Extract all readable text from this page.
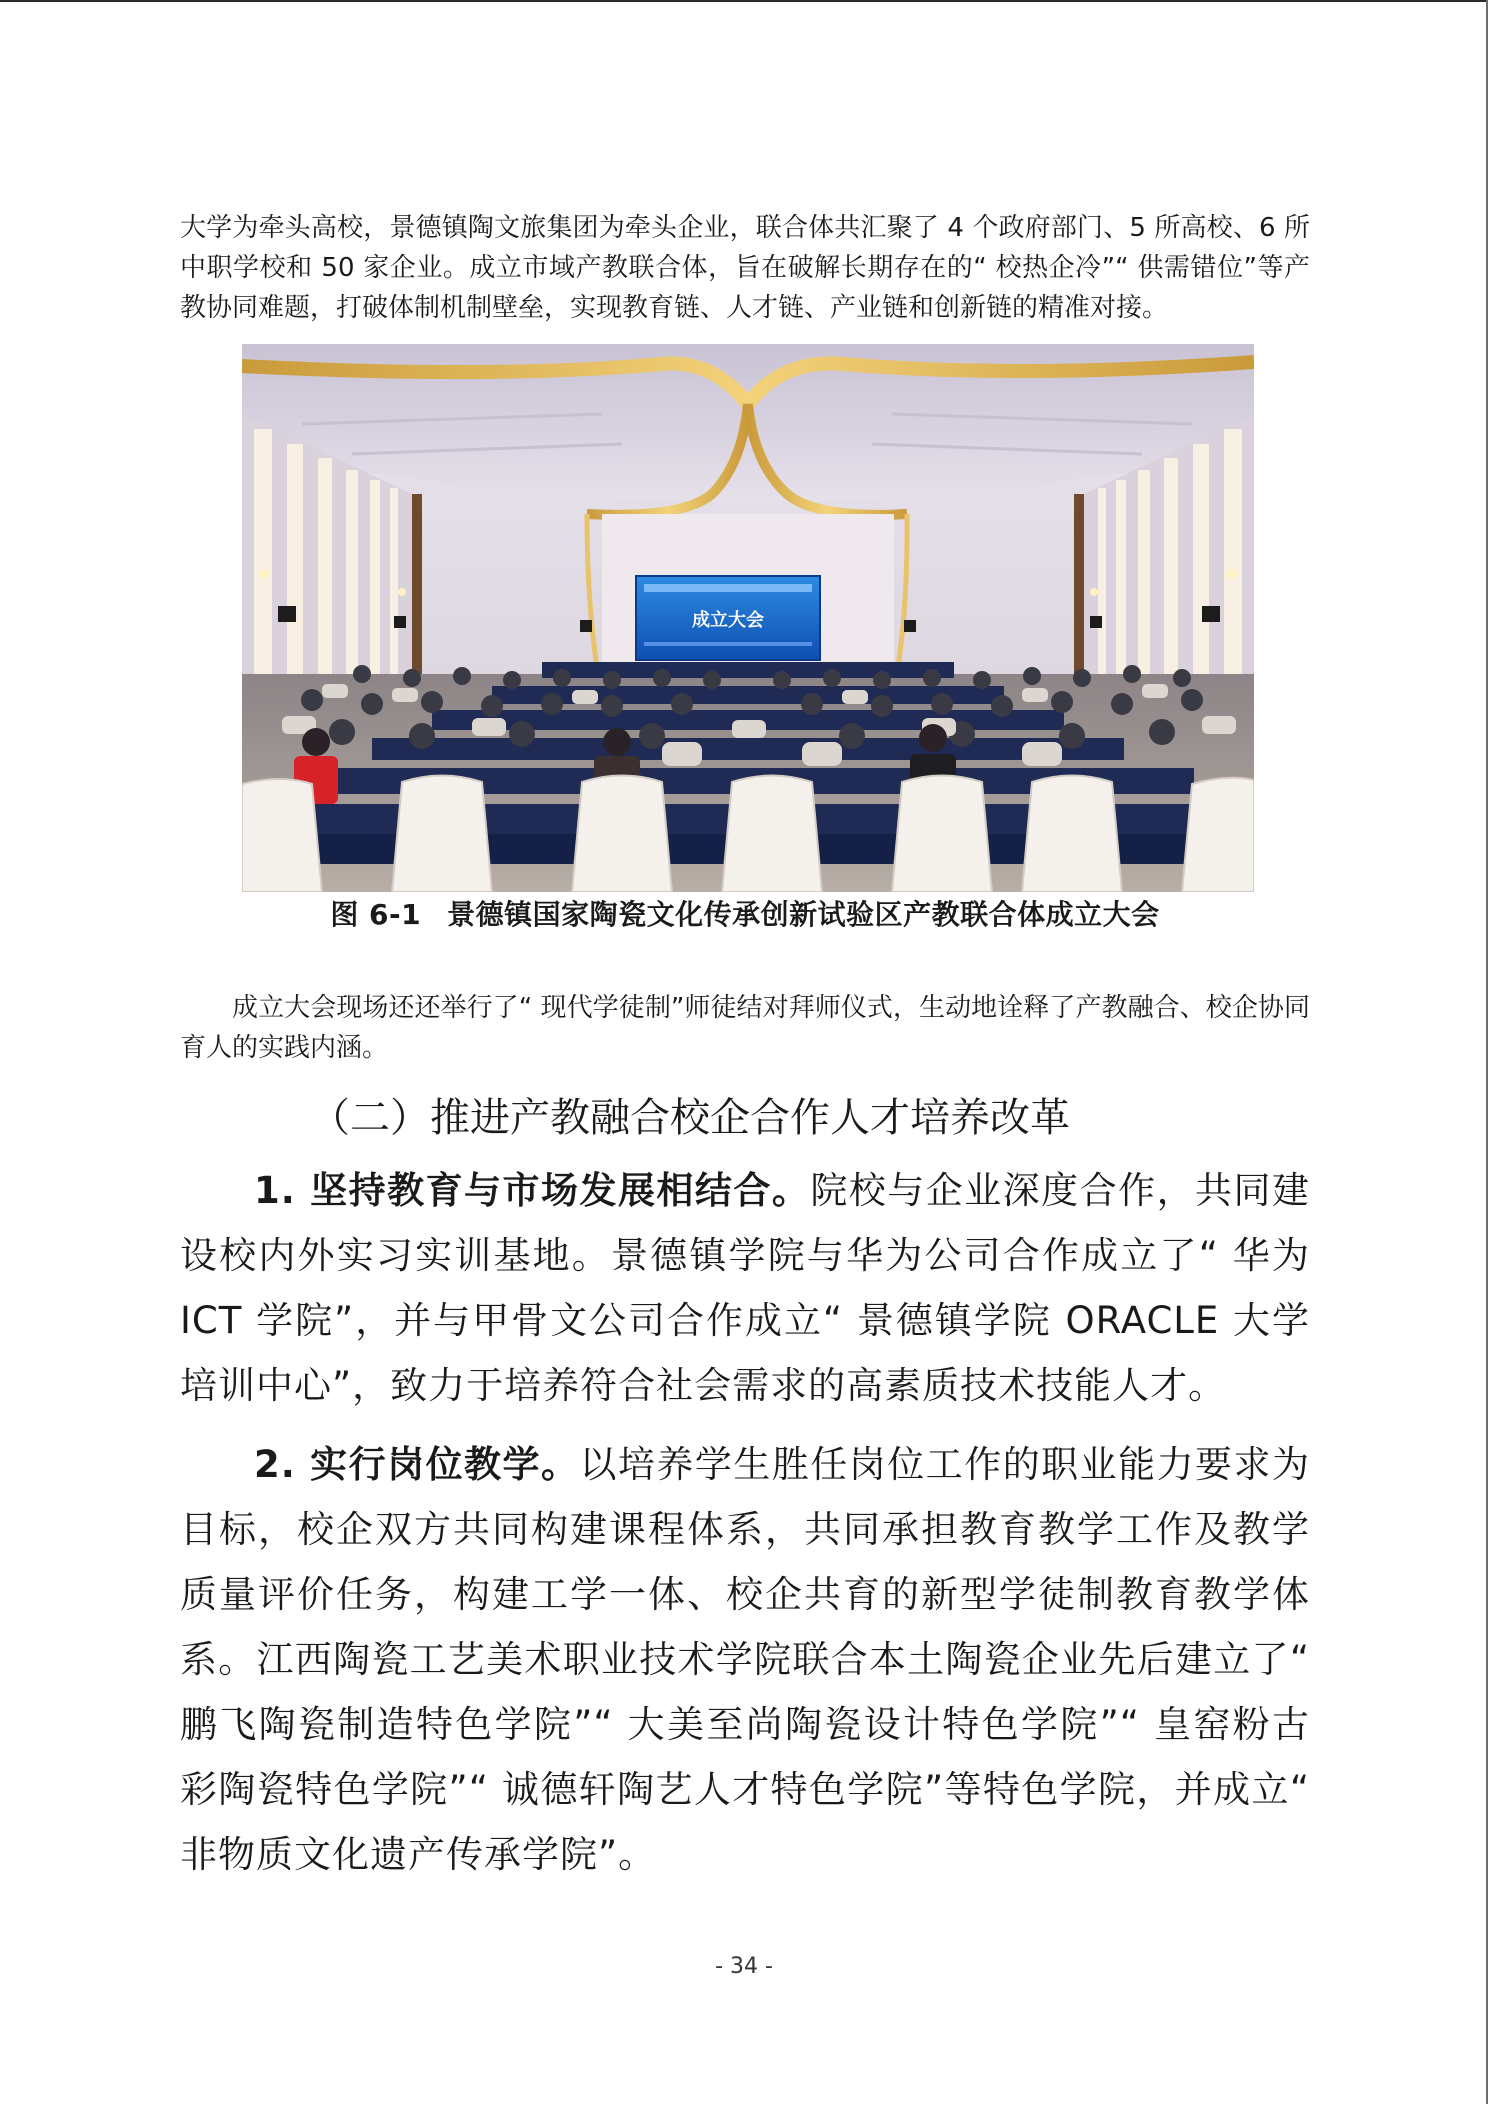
大学为牵头高校，景德镇陶文旅集团为牵头企业，联合体共汇聚了 4 个政府部门、5 所高校、6 所中职学校和 50 家企业。成立市域产教联合体，旨在破解长期存在的“ 校热企冷”“ 供需错位”等产教协同难题，打破体制机制壁垒，实现教育链、人才链、产业链和创新链的精准对接。

成立大会

图 6-1 景德镇国家陶瓷文化传承创新试验区产教联合体成立大会

成立大会现场还还举行了“ 现代学徒制”师徒结对拜师仪式，生动地诠释了产教融合、校企协同育人的实践内涵。

（二）推进产教融合校企合作人才培养改革

1. 坚持教育与市场发展相结合。院校与企业深度合作，共同建设校内外实习实训基地。景德镇学院与华为公司合作成立了“ 华为 ICT 学院”，并与甲骨文公司合作成立“ 景德镇学院 ORACLE 大学培训中心”，致力于培养符合社会需求的高素质技术技能人才。

2. 实行岗位教学。以培养学生胜任岗位工作的职业能力要求为目标，校企双方共同构建课程体系，共同承担教育教学工作及教学质量评价任务，构建工学一体、校企共育的新型学徒制教育教学体系。江西陶瓷工艺美术职业技术学院联合本土陶瓷企业先后建立了“ 鹏飞陶瓷制造特色学院”“ 大美至尚陶瓷设计特色学院”“ 皇窑粉古彩陶瓷特色学院”“ 诚德轩陶艺人才特色学院”等特色学院，并成立“ 非物质文化遗产传承学院”。

- 34 -
